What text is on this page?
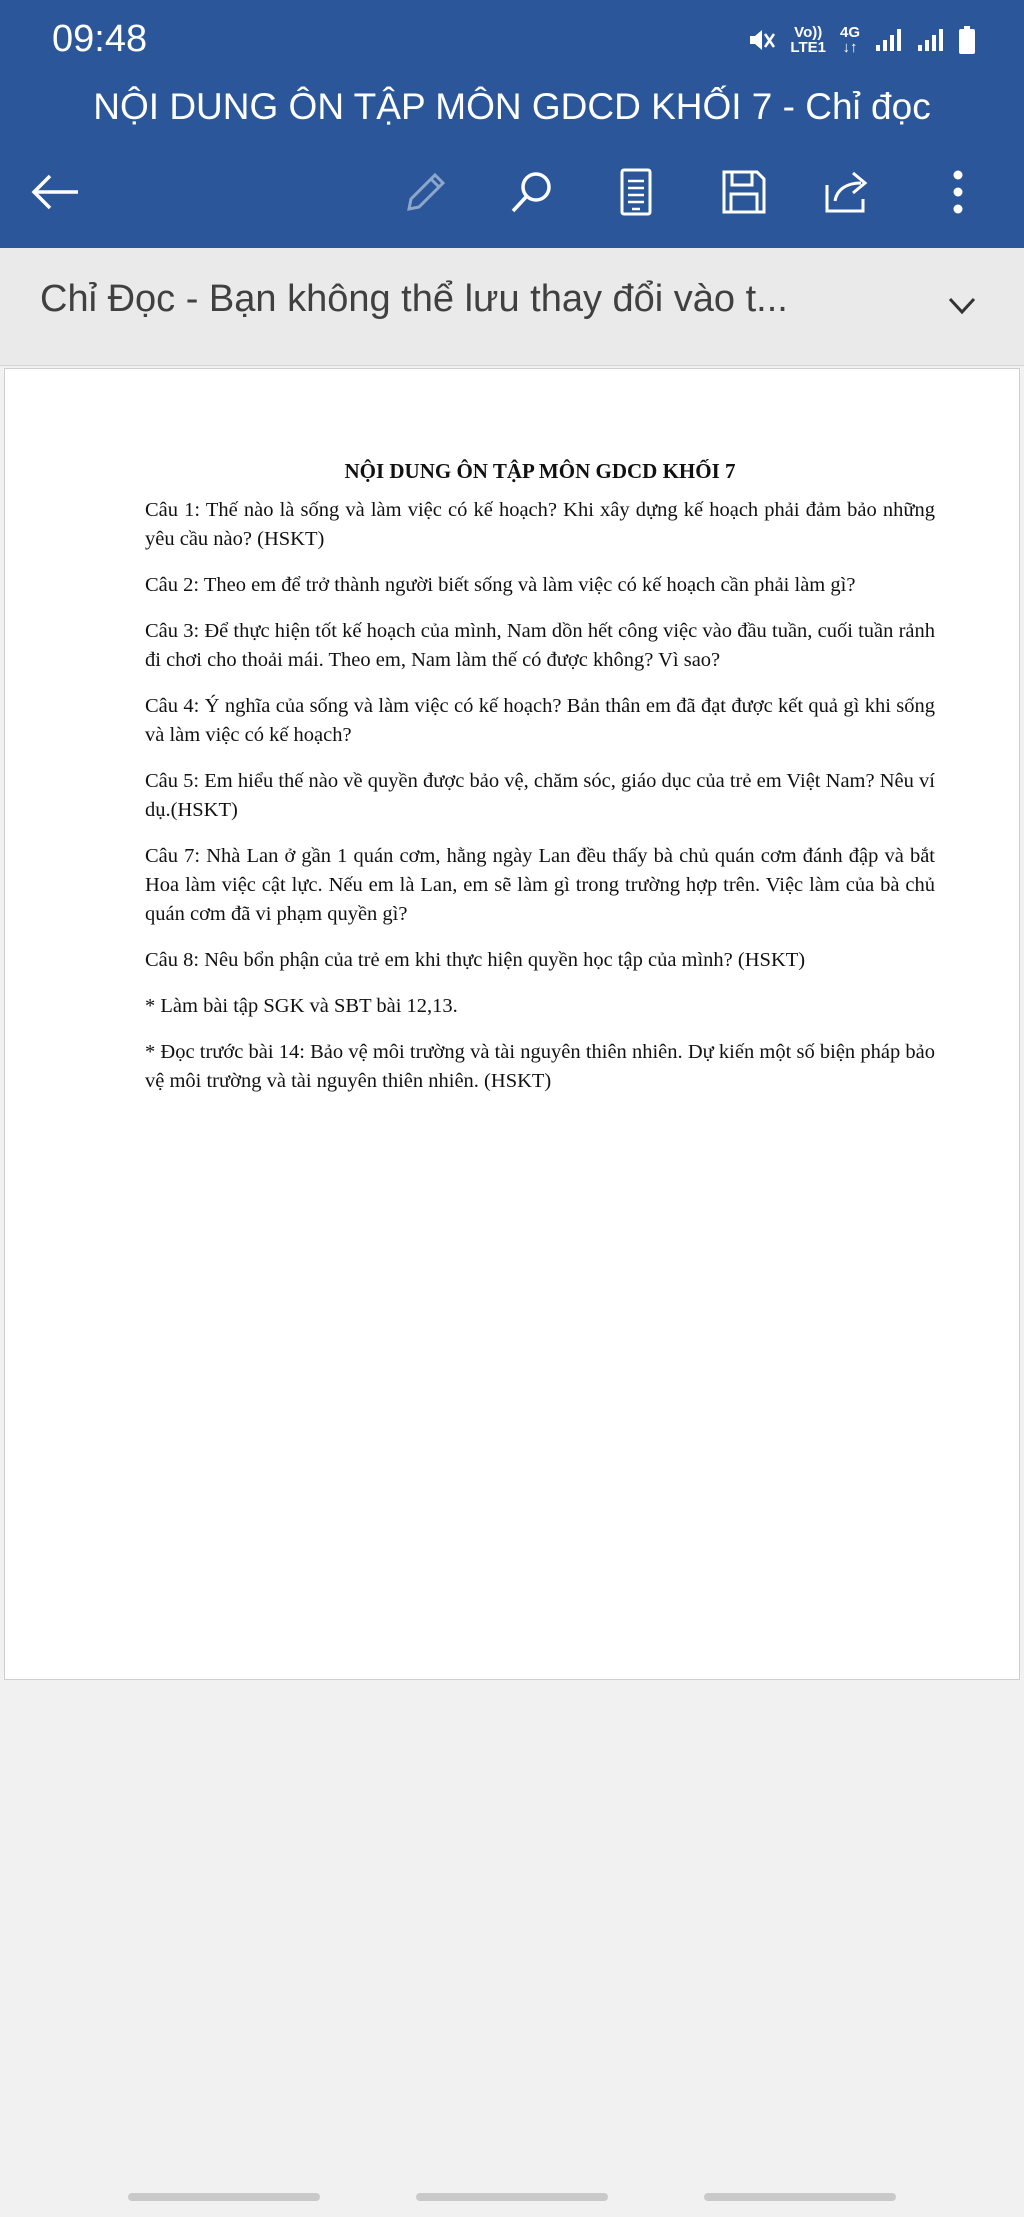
09:48	Vo))
LTE1
4G
↓↑
NỘI DUNG ÔN TẬP MÔN GDCD KHỐI 7 - Chỉ đọc
Chỉ Đọc - Bạn không thể lưu thay đổi vào t...
NỘI DUNG ÔN TẬP MÔN GDCD KHỐI 7

Câu 1: Thế nào là sống và làm việc có kế hoạch? Khi xây dựng kế hoạch phải đảm bảo những yêu cầu nào? (HSKT)

Câu 2: Theo em để trở thành người biết sống và làm việc có kế hoạch cần phải làm gì?

Câu 3: Để thực hiện tốt kế hoạch của mình, Nam dồn hết công việc vào đầu tuần, cuối tuần rảnh đi chơi cho thoải mái. Theo em, Nam làm thế có được không? Vì sao?

Câu 4: Ý nghĩa của sống và làm việc có kế hoạch? Bản thân em đã đạt được kết quả gì khi sống và làm việc có kế hoạch?

Câu 5: Em hiểu thế nào về quyền được bảo vệ, chăm sóc, giáo dục của trẻ em Việt Nam? Nêu ví dụ.(HSKT)

Câu 7: Nhà Lan ở gần 1 quán cơm, hằng ngày Lan đều thấy bà chủ quán cơm đánh đập và bắt Hoa làm việc cật lực. Nếu em là Lan, em sẽ làm gì trong trường hợp trên. Việc làm của bà chủ quán cơm đã vi phạm quyền gì?

Câu 8: Nêu bổn phận của trẻ em khi thực hiện quyền học tập của mình? (HSKT)

* Làm bài tập SGK và SBT bài 12,13.

* Đọc trước bài 14: Bảo vệ môi trường và tài nguyên thiên nhiên. Dự kiến một số biện pháp bảo vệ môi trường và tài nguyên thiên nhiên. (HSKT)
